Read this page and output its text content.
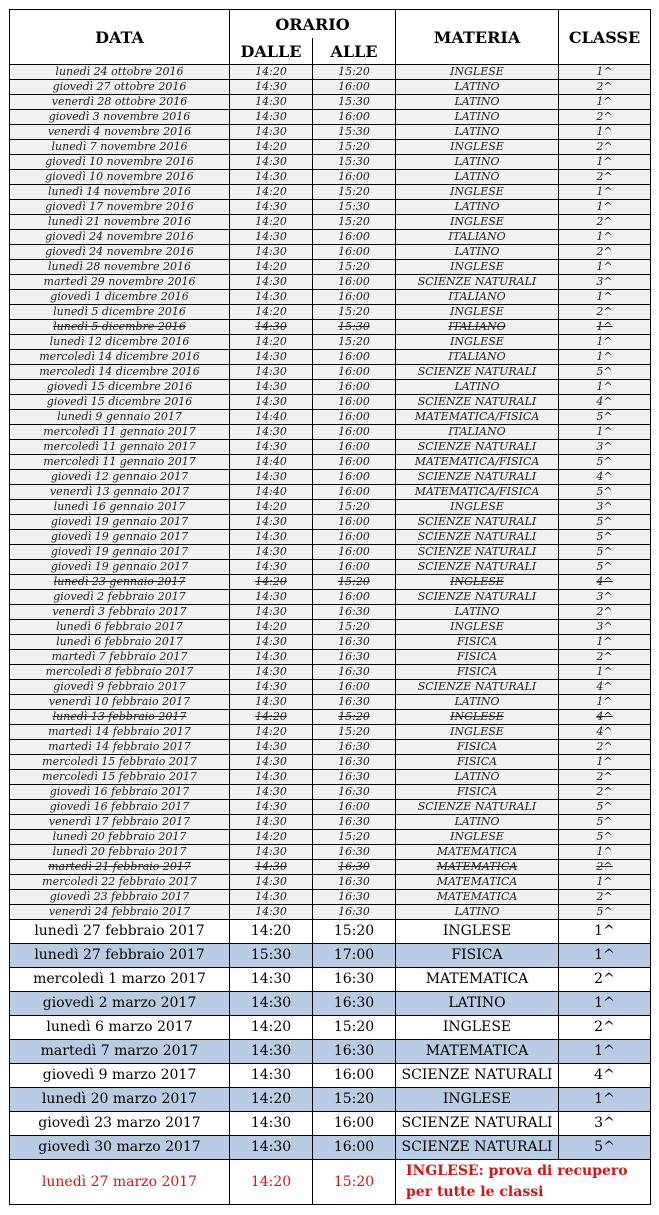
DATA	ORARIO		MATERIA	CLASSE
	DALLE	ALLE		
lunedì 24 ottobre 2016	14:20	15:20	INGLESE	1^
giovedì 27 ottobre 2016	14:30	16:00	LATINO	2^
venerdì 28 ottobre 2016	14:30	15:30	LATINO	1^
giovedì 3 novembre 2016	14:30	16:00	LATINO	2^
venerdì 4 novembre 2016	14:30	15:30	LATINO	1^
lunedì 7 novembre 2016	14:20	15:20	INGLESE	2^
giovedì 10 novembre 2016	14:30	15:30	LATINO	1^
giovedì 10 novembre 2016	14:30	16:00	LATINO	2^
lunedì 14 novembre 2016	14:20	15:20	INGLESE	1^
giovedì 17 novembre 2016	14:30	15:30	LATINO	1^
lunedì 21 novembre 2016	14:20	15:20	INGLESE	2^
giovedì 24 novembre 2016	14:30	16:00	ITALIANO	1^
giovedì 24 novembre 2016	14:30	16:00	LATINO	2^
lunedì 28 novembre 2016	14:20	15:20	INGLESE	1^
martedì 29 novembre 2016	14:30	16:00	SCIENZE NATURALI	3^
giovedì 1 dicembre 2016	14:30	16:00	ITALIANO	1^
lunedì 5 dicembre 2016	14:20	15:20	INGLESE	2^
lunedì 5 dicembre 2016	14:30	15:30	ITALIANO	1^
lunedì 12 dicembre 2016	14:20	15:20	INGLESE	1^
mercoledì 14 dicembre 2016	14:30	16:00	ITALIANO	1^
mercoledì 14 dicembre 2016	14:30	16:00	SCIENZE NATURALI	5^
giovedì 15 dicembre 2016	14:30	16:00	LATINO	1^
giovedì 15 dicembre 2016	14:30	16:00	SCIENZE NATURALI	4^
lunedì 9 gennaio 2017	14:40	16:00	MATEMATICA/FISICA	5^
mercoledì 11 gennaio 2017	14:30	16:00	ITALIANO	1^
mercoledì 11 gennaio 2017	14:30	16:00	SCIENZE NATURALI	3^
mercoledì 11 gennaio 2017	14:40	16:00	MATEMATICA/FISICA	5^
giovedì 12 gennaio 2017	14:30	16:00	SCIENZE NATURALI	4^
venerdì 13 gennaio 2017	14:40	16:00	MATEMATICA/FISICA	5^
lunedì 16 gennaio 2017	14:20	15:20	INGLESE	3^
giovedì 19 gennaio 2017	14:30	16:00	SCIENZE NATURALI	5^
giovedì 19 gennaio 2017	14:30	16:00	SCIENZE NATURALI	5^
giovedì 19 gennaio 2017	14:30	16:00	SCIENZE NATURALI	5^
giovedì 19 gennaio 2017	14:30	16:00	SCIENZE NATURALI	5^
lunedì 23 gennaio 2017	14:20	15:20	INGLESE	4^
giovedì 2 febbraio 2017	14:30	16:00	SCIENZE NATURALI	3^
venerdì 3 febbraio 2017	14:30	16:30	LATINO	2^
lunedì 6 febbraio 2017	14:20	15:20	INGLESE	3^
lunedì 6 febbraio 2017	14:30	16:30	FISICA	1^
martedì 7 febbraio 2017	14:30	16:30	FISICA	2^
mercoledì 8 febbraio 2017	14:30	16:30	FISICA	1^
giovedì 9 febbraio 2017	14:30	16:00	SCIENZE NATURALI	4^
venerdì 10 febbraio 2017	14:30	16:30	LATINO	1^
lunedì 13 febbraio 2017	14:20	15:20	INGLESE	4^
martedì 14 febbraio 2017	14:20	15:20	INGLESE	4^
martedì 14 febbraio 2017	14:30	16:30	FISICA	2^
mercoledì 15 febbraio 2017	14:30	16:30	FISICA	1^
mercoledì 15 febbraio 2017	14:30	16:30	LATINO	2^
giovedì 16 febbraio 2017	14:30	16:30	FISICA	2^
giovedì 16 febbraio 2017	14:30	16:00	SCIENZE NATURALI	5^
venerdì 17 febbraio 2017	14:30	16:30	LATINO	5^
lunedì 20 febbraio 2017	14:20	15:20	INGLESE	5^
lunedì 20 febbraio 2017	14:30	16:30	MATEMATICA	1^
martedì 21 febbraio 2017	14:30	16:30	MATEMATICA	2^
mercoledì 22 febbraio 2017	14:30	16:30	MATEMATICA	1^
giovedì 23 febbraio 2017	14:30	16:30	MATEMATICA	2^
venerdì 24 febbraio 2017	14:30	16:30	LATINO	5^
lunedì 27 febbraio 2017	14:20	15:20	INGLESE	1^
lunedì 27 febbraio 2017	15:30	17:00	FISICA	1^
mercoledì 1 marzo 2017	14:30	16:30	MATEMATICA	2^
giovedì 2 marzo 2017	14:30	16:30	LATINO	1^
lunedì 6 marzo 2017	14:20	15:20	INGLESE	2^
martedì 7 marzo 2017	14:30	16:30	MATEMATICA	1^
giovedì 9 marzo 2017	14:30	16:00	SCIENZE NATURALI	4^
lunedì 20 marzo 2017	14:20	15:20	INGLESE	1^
giovedì 23 marzo 2017	14:30	16:00	SCIENZE NATURALI	3^
giovedì 30 marzo 2017	14:30	16:00	SCIENZE NATURALI	5^
lunedì 27 marzo 2017	14:20	15:20	INGLESE: prova di recupero per tutte le classi	
